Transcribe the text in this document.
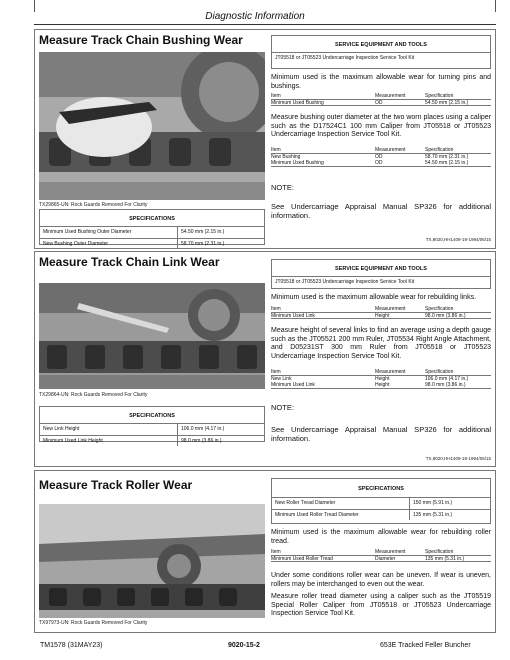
Diagnostic Information
Measure Track Chain Bushing Wear
TX29865-UN: Rock Guards Removed For Clarity
SPECIFICATIONS
Minimum Used Bushing Outer Diameter	54.50 mm (2.15 in.)
New Bushing Outer Diameter	58.70 mm (2.31 in.)
SERVICE EQUIPMENT AND TOOLS
JT05518 or JT05523 Undercarriage Inspection Service Tool Kit
Minimum used is the maximum allowable wear for turning pins and bushings.
Item	Measurement	Specification
Minimum Used Bushing	OD	54.50 mm (2.15 in.)
Measure bushing outer diameter at the two worn places using a caliper such as the D17524C1 100 mm Caliper from JT05518 or JT05523 Undercarriage Inspection Service Tool Kit.
Item	Measurement	Specification
New Bushing	OD	58.70 mm (2.31 in.)
Minimum Used Bushing	OD	54.50 mm (2.15 in.)
NOTE:
See Undercarriage Appraisal Manual SP326 for additional information.
TX,9020,HH1409-19-1994/06/15
Measure Track Chain Link Wear
TX29864-UN: Rock Guards Removed For Clarity
SPECIFICATIONS
New Link Height	106.0 mm (4.17 in.)
Minimum Used Link Height	98.0 mm (3.86 in.)
SERVICE EQUIPMENT AND TOOLS
JT05518 or JT05523 Undercarriage Inspection Service Tool Kit
Minimum used is the maximum allowable wear for rebuilding links.
Item	Measurement	Specification
Minimum Used Link	Height	98.0 mm (3.86 in.)
Measure height of several links to find an average using a depth gauge such as the JT05521 200 mm Ruler, JT05534 Right Angle Attachment, and D05231ST 300 mm Ruler from JT05518 or JT05523 Undercarriage Inspection Service Tool Kit.
Item	Measurement	Specification
New Link	Height	106.0 mm (4.17 in.)
Minimum Used Link	Height	98.0 mm (3.86 in.)
NOTE:
See Undercarriage Appraisal Manual SP326 for additional information.
TX,9020,HH1409-19-1994/06/15
Measure Track Roller Wear
TX97973-UN: Rock Guards Removed For Clarity
SPECIFICATIONS
New Roller Tread Diameter	150 mm (5.91 in.)
Minimum Used Roller Tread Diameter	135 mm (5.31 in.)
Minimum used is the maximum allowable wear for rebuilding roller tread.
Item	Measurement	Specification
Minimum Used Roller Tread	Diameter	135 mm (5.31 in.)
Under some conditions roller wear can be uneven. If wear is uneven, rollers may be interchanged to even out the wear.
Measure roller tread diameter using a caliper such as the JT05519 Special Roller Caliper from JT05518 or JT05523 Undercarriage Inspection Service Tool Kit.
TM1578 (31MAY23)	9020-15-2	653E Tracked Feller Buncher
